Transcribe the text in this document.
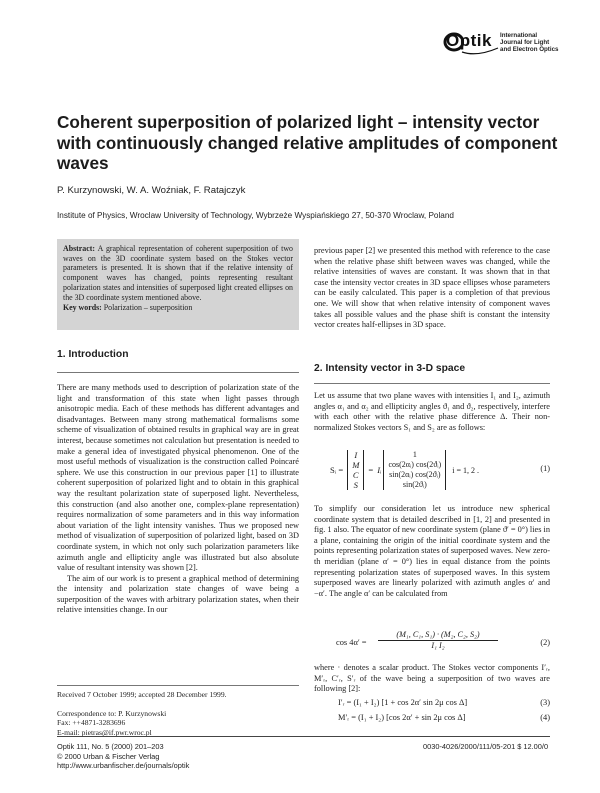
Optik International
Journal for Light
and Electron Optics
Coherent superposition of polarized light – intensity vector with continuously changed relative amplitudes of component waves
P. Kurzynowski, W. A. Woźniak, F. Ratajczyk
Institute of Physics, Wroclaw University of Technology, Wybrzeże Wyspiańskiego 27, 50-370 Wroclaw, Poland
Abstract: A graphical representation of coherent superposition of two waves on the 3D coordinate system based on the Stokes vector parameters is presented. It is shown that if the relative intensity of component waves has changed, points representing resultant polarization states and intensities of superposed light created ellipses on the 3D coordinate system mentioned above.
Key words: Polarization – superposition
1. Introduction

There are many methods used to description of polarization state of the light and transformation of this state when light passes through anisotropic media. Each of these methods has different advantages and disadvantages. Between many strong mathematical formalisms some scheme of visualization of obtained results in graphical way are in great interest, because sometimes not calculation but presentation is needed to make a general idea of investigated physical phenomenon. One of the most useful methods of visualization is the construction called Poincaré sphere. We use this construction in our previous paper [1] to illustrate coherent superposition of polarized light and to obtain in this graphical way the resultant polarization state of superposed light. Nevertheless, this construction (and also another one, complex-plane representation) requires normalization of some parameters and in this way information about variation of the light intensity vanishes. Thus we proposed new method of visualization of superposition of polarized light, based on 3D coordinate system, in which not only such polarization parameters like azimuth angle and ellipticity angle was illustrated but also absolute value of resultant intensity was shown [2].

The aim of our work is to present a graphical method of determining the intensity and polarization state changes of wave being a superposition of the waves with arbitrary polarization states, when their relative intensities change. In our

Received 7 October 1999; accepted 28 December 1999.
Correspondence to: P. Kurzynowski
Fax: ++4871-3283696
E-mail: pietras@if.pwr.wroc.pl

previous paper [2] we presented this method with reference to the case when the relative phase shift between waves was changed, while the relative intensities of waves are constant. It was shown that in that case the intensity vector creates in 3D space ellipses whose parameters can be easily calculated. This paper is a completion of that previous one. We will show that when relative intensity of component waves takes all possible values and the phase shift is constant the intensity vector creates half-ellipses in 3D space.

2. Intensity vector in 3-D space

Let us assume that two plane waves with intensities I₁ and I₂, azimuth angles α₁ and α₂ and ellipticity angles ϑ₁ and ϑ₂, respectively, interfere with each other with the relative phase difference Δ. Their non-normalized Stokes vectors S₁ and S₂ are as follows:

Sᵢ =
I
M
C
S
= Iᵢ
1
cos(2αᵢ) cos(2ϑᵢ)
sin(2αᵢ) cos(2ϑᵢ)
sin(2ϑᵢ)
i = 1, 2 .	(1)

To simplify our consideration let us introduce new spherical coordinate system that is detailed described in [1, 2] and presented in fig. 1 also. The equator of new coordinate system (plane ϑ′ = 0°) lies in a plane, containing the origin of the initial coordinate system and the points representing polarization states of superposed waves. New zero-th meridian (plane α′ = 0°) lies in equal distance from the points representing polarization states of superposed waves. In this system superposed waves are linearly polarized with azimuth angles α′ and −α′. The angle α′ can be calculated from

$\cos 4\alpha' = \frac{\text{(M₁, C₁, S₁) · (M₂, C₂, S₂)}}{\text{I₁ I₂}}$	(2)

where · denotes a scalar product. The Stokes vector components I′ᵣ, M′ᵣ, C′ᵣ, S′ᵣ of the wave being a superposition of two waves are following [2]:

I′ᵣ = (I₁ + I₂) [1 + cos 2α′ sin 2μ cos Δ]	(3)
M′ᵣ = (I₁ + I₂) [cos 2α′ + sin 2μ cos Δ]	(4)
Optik 111, No. 5 (2000) 201–203
© 2000 Urban & Fischer Verlag
http://www.urbanfischer.de/journals/optik
0030-4026/2000/111/05-201 $ 12.00/0
